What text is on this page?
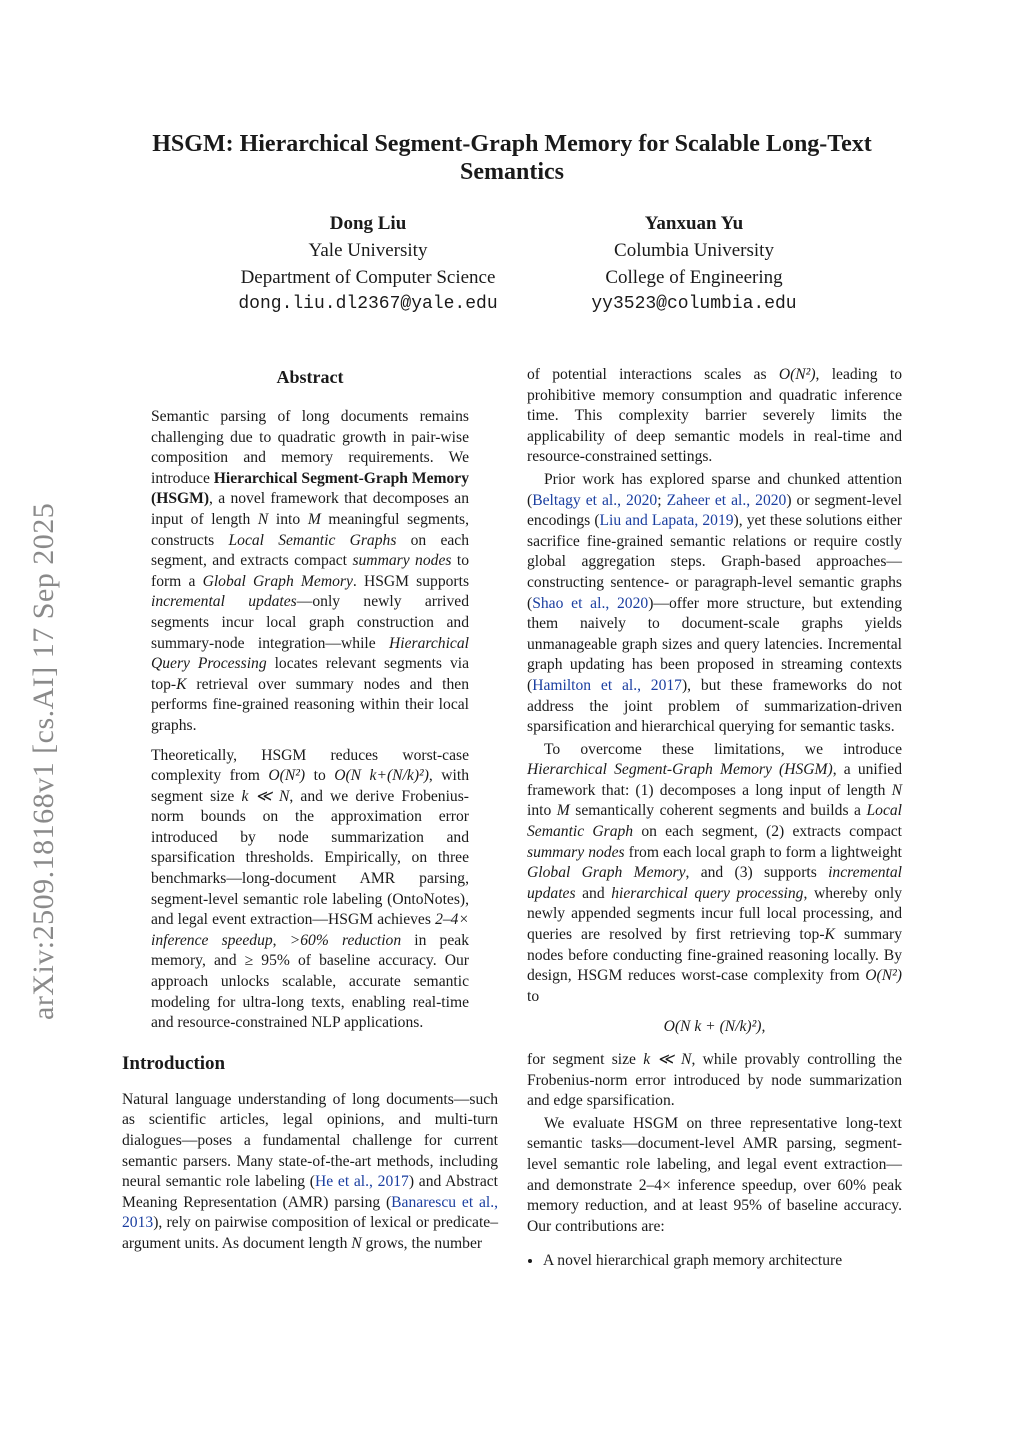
arXiv:2509.18168v1 [cs.AI] 17 Sep 2025
HSGM: Hierarchical Segment-Graph Memory for Scalable Long-Text
Semantics
Dong Liu
Yale University
Department of Computer Science
dong.liu.dl2367@yale.edu
Yanxuan Yu
Columbia University
College of Engineering
yy3523@columbia.edu
Abstract

Semantic parsing of long documents remains challenging due to quadratic growth in pair-wise composition and memory requirements. We introduce Hierarchical Segment-Graph Memory (HSGM), a novel framework that decomposes an input of length N into M meaningful segments, constructs Local Semantic Graphs on each segment, and extracts compact summary nodes to form a Global Graph Memory. HSGM supports incremental updates—only newly arrived segments incur local graph construction and summary-node integration—while Hierarchical Query Processing locates relevant segments via top-K retrieval over summary nodes and then performs fine-grained reasoning within their local graphs.

Theoretically, HSGM reduces worst-case complexity from O(N²) to O(N k+(N/k)²), with segment size k ≪ N, and we derive Frobenius-norm bounds on the approximation error introduced by node summarization and sparsification thresholds. Empirically, on three benchmarks—long-document AMR parsing, segment-level semantic role labeling (OntoNotes), and legal event extraction—HSGM achieves 2–4× inference speedup, >60% reduction in peak memory, and ≥ 95% of baseline accuracy. Our approach unlocks scalable, accurate semantic modeling for ultra-long texts, enabling real-time and resource-constrained NLP applications.

Introduction

Natural language understanding of long documents—such as scientific articles, legal opinions, and multi-turn dialogues—poses a fundamental challenge for current semantic parsers. Many state-of-the-art methods, including neural semantic role labeling (He et al., 2017) and Abstract Meaning Representation (AMR) parsing (Banarescu et al., 2013), rely on pairwise composition of lexical or predicate–argument units. As document length N grows, the number

of potential interactions scales as O(N²), leading to prohibitive memory consumption and quadratic inference time. This complexity barrier severely limits the applicability of deep semantic models in real-time and resource-constrained settings.

Prior work has explored sparse and chunked attention (Beltagy et al., 2020; Zaheer et al., 2020) or segment-level encodings (Liu and Lapata, 2019), yet these solutions either sacrifice fine-grained semantic relations or require costly global aggregation steps. Graph-based approaches—constructing sentence- or paragraph-level semantic graphs (Shao et al., 2020)—offer more structure, but extending them naively to document-scale graphs yields unmanageable graph sizes and query latencies. Incremental graph updating has been proposed in streaming contexts (Hamilton et al., 2017), but these frameworks do not address the joint problem of summarization-driven sparsification and hierarchical querying for semantic tasks.

To overcome these limitations, we introduce Hierarchical Segment-Graph Memory (HSGM), a unified framework that: (1) decomposes a long input of length N into M semantically coherent segments and builds a Local Semantic Graph on each segment, (2) extracts compact summary nodes from each local graph to form a lightweight Global Graph Memory, and (3) supports incremental updates and hierarchical query processing, whereby only newly appended segments incur full local processing, and queries are resolved by first retrieving top-K summary nodes before conducting fine-grained reasoning locally. By design, HSGM reduces worst-case complexity from O(N²) to

O(N k + (N/k)²),

for segment size k ≪ N, while provably controlling the Frobenius-norm error introduced by node summarization and edge sparsification.

We evaluate HSGM on three representative long-text semantic tasks—document-level AMR parsing, segment-level semantic role labeling, and legal event extraction—and demonstrate 2–4× inference speedup, over 60% peak memory reduction, and at least 95% of baseline accuracy. Our contributions are:

• A novel hierarchical graph memory architecture
